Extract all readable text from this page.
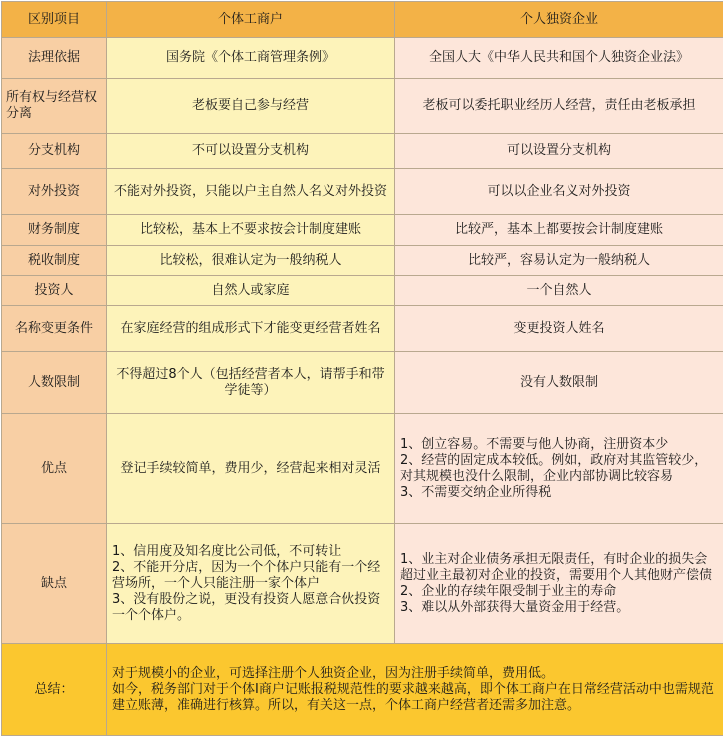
区别项目	个体工商户	个人独资企业
法理依据	国务院《个体工商管理条例》	全国人大《中华人民共和国个人独资企业法》
所有权与经营权分离	老板要自己参与经营	老板可以委托职业经历人经营，责任由老板承担
分支机构	不可以设置分支机构	可以设置分支机构
对外投资	不能对外投资，只能以户主自然人名义对外投资	可以以企业名义对外投资
财务制度	比较松，基本上不要求按会计制度建账	比较严，基本上都要按会计制度建账
税收制度	比较松，很难认定为一般纳税人	比较严，容易认定为一般纳税人
投资人	自然人或家庭	一个自然人
名称变更条件	在家庭经营的组成形式下才能变更经营者姓名	变更投资人姓名
人数限制	不得超过8个人（包括经营者本人，请帮手和带学徒等）	没有人数限制
优点	登记手续较简单，费用少，经营起来相对灵活	1、创立容易。不需要与他人协商，注册资本少
2、经营的固定成本较低。例如，政府对其监管较少，对其规模也没什么限制，企业内部协调比较容易
3、不需要交纳企业所得税

缺点	1、信用度及知名度比公司低，不可转让
2、不能开分店，因为一个个体户只能有一个经营场所，一个人只能注册一家个体户
3、没有股份之说，更没有投资人愿意合伙投资一个个体户。	1、业主对企业债务承担无限责任，有时企业的损失会超过业主最初对企业的投资，需要用个人其他财产偿债
2、企业的存续年限受制于业主的寿命
3、难以从外部获得大量资金用于经营。

总结：	对于规模小的企业，可选择注册个人独资企业，因为注册手续简单，费用低。
如今，税务部门对于个体I商户记账报税规范性的要求越来越高，即个体工商户在日常经营活动中也需规范建立账薄，准确进行核算。所以，有关这一点，个体工商户经营者还需多加注意。	
